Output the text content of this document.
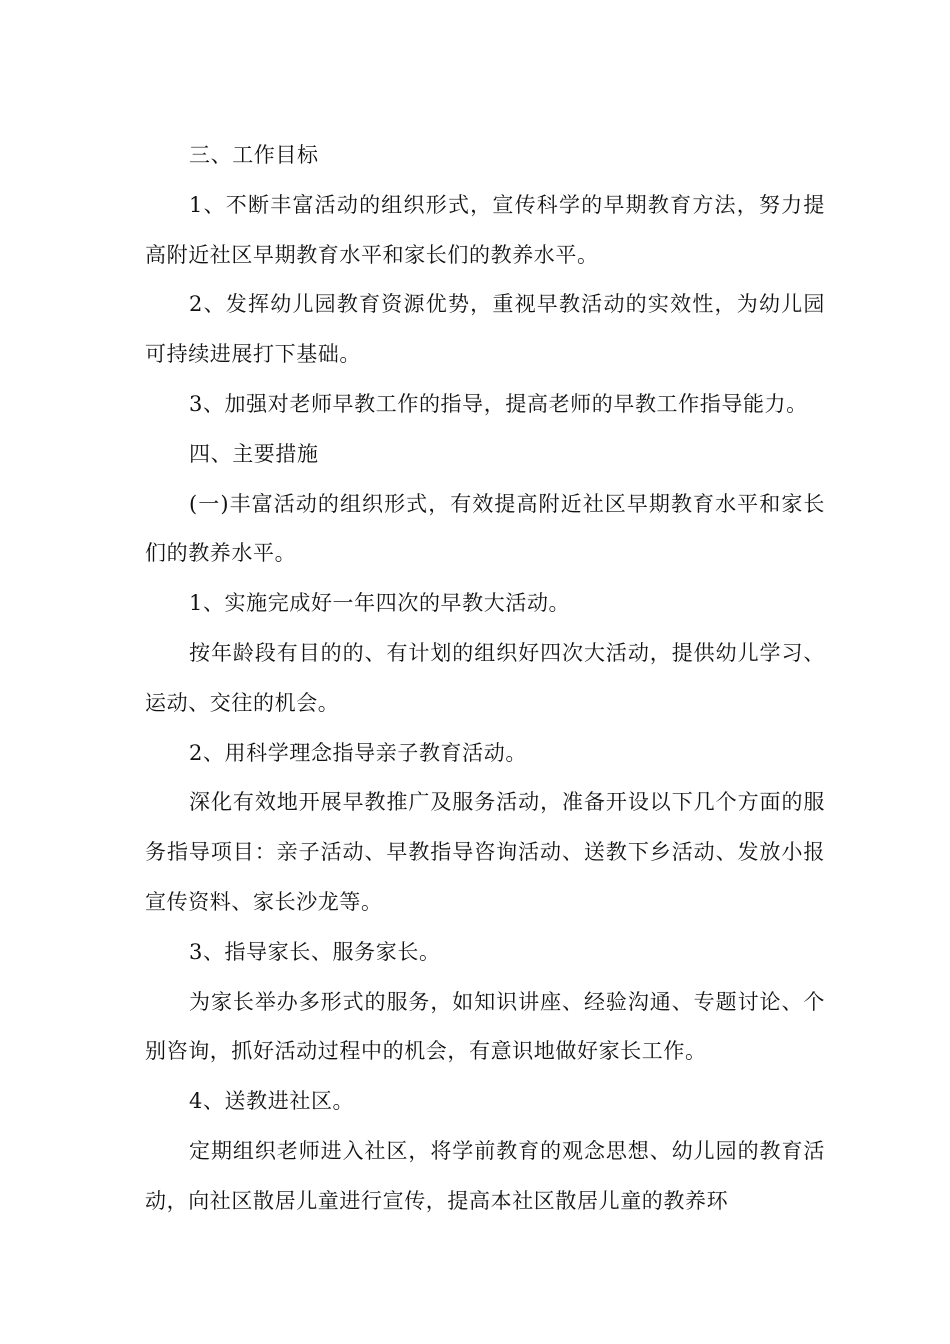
三、工作目标

1、不断丰富活动的组织形式，宣传科学的早期教育方法，努力提高附近社区早期教育水平和家长们的教养水平。

2、发挥幼儿园教育资源优势，重视早教活动的实效性，为幼儿园可持续进展打下基础。

3、加强对老师早教工作的指导，提高老师的早教工作指导能力。

四、主要措施

(一)丰富活动的组织形式，有效提高附近社区早期教育水平和家长们的教养水平。

1、实施完成好一年四次的早教大活动。

按年龄段有目的的、有计划的组织好四次大活动，提供幼儿学习、运动、交往的机会。

2、用科学理念指导亲子教育活动。

深化有效地开展早教推广及服务活动，准备开设以下几个方面的服务指导项目：亲子活动、早教指导咨询活动、送教下乡活动、发放小报宣传资料、家长沙龙等。

3、指导家长、服务家长。

为家长举办多形式的服务，如知识讲座、经验沟通、专题讨论、个别咨询，抓好活动过程中的机会，有意识地做好家长工作。

4、送教进社区。

定期组织老师进入社区，将学前教育的观念思想、幼儿园的教育活动，向社区散居儿童进行宣传，提高本社区散居儿童的教养环
